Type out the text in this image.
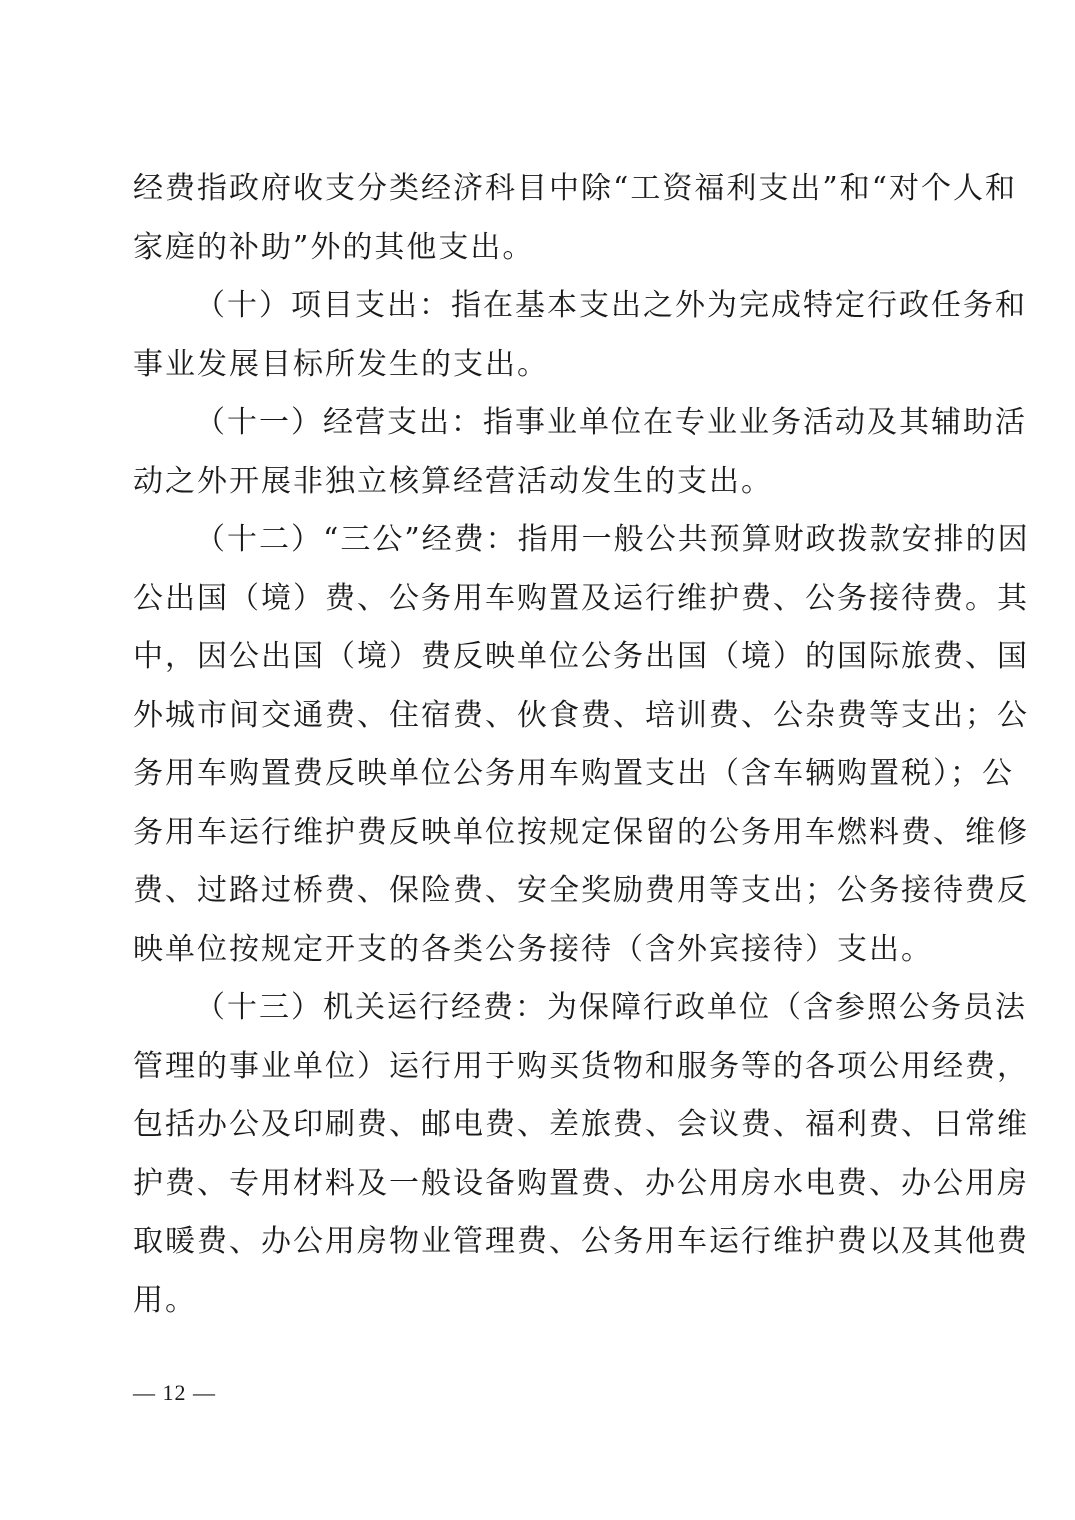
经费指政府收支分类经济科目中除“工资福利支出”和“对个人和
家庭的补助”外的其他支出。
（十）项目支出：指在基本支出之外为完成特定行政任务和
事业发展目标所发生的支出。
（十一）经营支出：指事业单位在专业业务活动及其辅助活
动之外开展非独立核算经营活动发生的支出。
（十二）“三公”经费：指用一般公共预算财政拨款安排的因
公出国（境）费、公务用车购置及运行维护费、公务接待费。其
中，因公出国（境）费反映单位公务出国（境）的国际旅费、国
外城市间交通费、住宿费、伙食费、培训费、公杂费等支出；公
务用车购置费反映单位公务用车购置支出（含车辆购置税）；公
务用车运行维护费反映单位按规定保留的公务用车燃料费、维修
费、过路过桥费、保险费、安全奖励费用等支出；公务接待费反
映单位按规定开支的各类公务接待（含外宾接待）支出。
（十三）机关运行经费：为保障行政单位（含参照公务员法
管理的事业单位）运行用于购买货物和服务等的各项公用经费，
包括办公及印刷费、邮电费、差旅费、会议费、福利费、日常维
护费、专用材料及一般设备购置费、办公用房水电费、办公用房
取暖费、办公用房物业管理费、公务用车运行维护费以及其他费
用。
— 12 —
